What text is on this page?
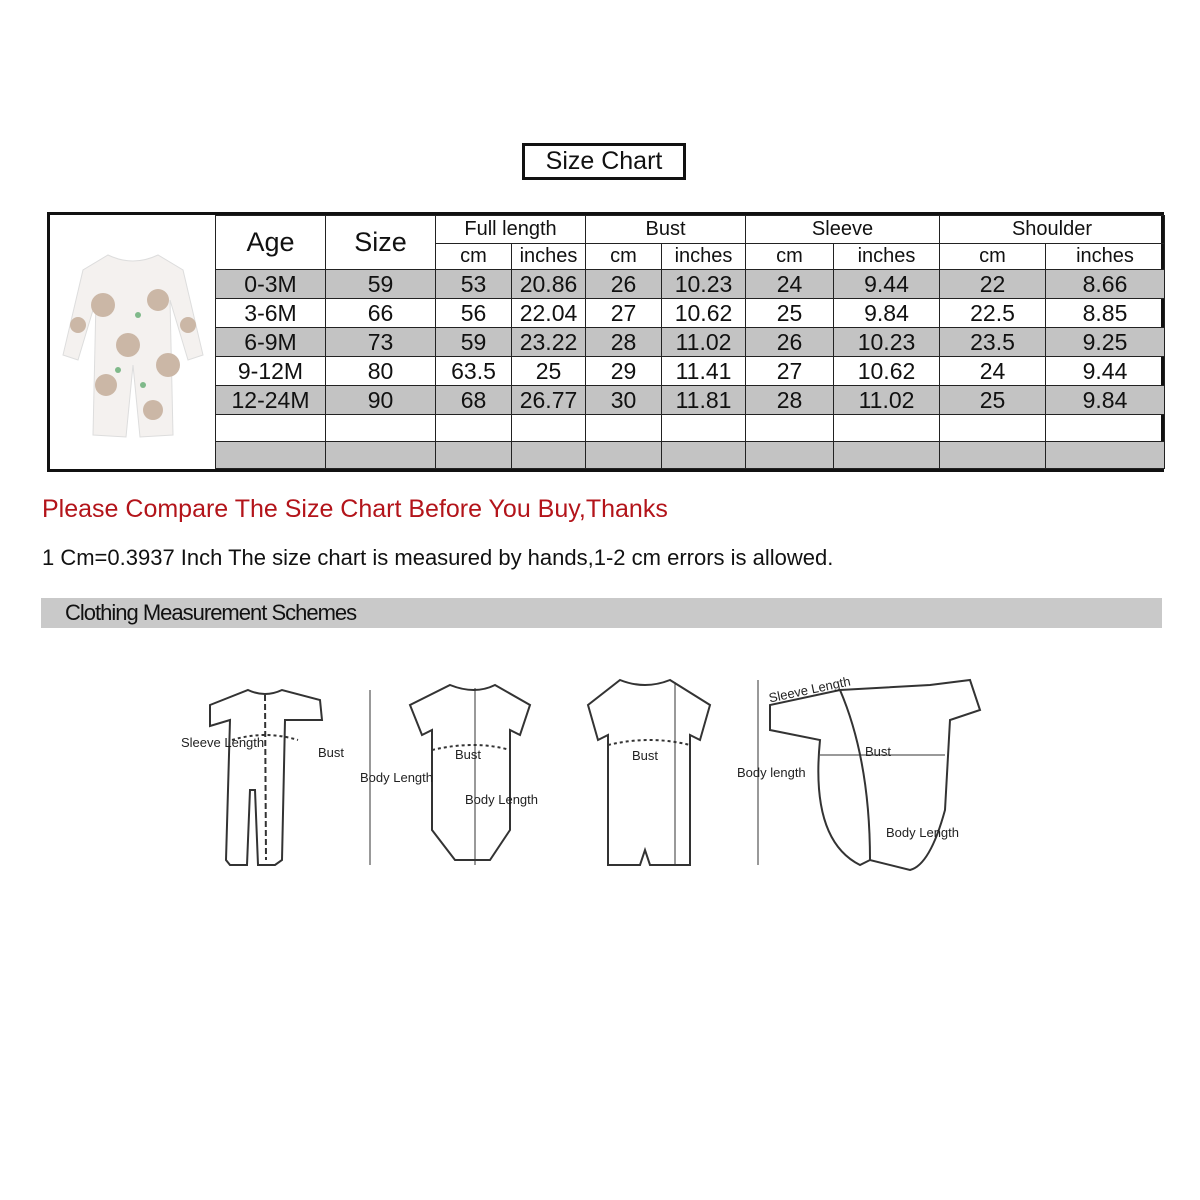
Size Chart
Age	Size	Full length		Bust		Sleeve		Shoulder	
		cm	inches	cm	inches	cm	inches	cm	inches
0-3M	59	53	20.86	26	10.23	24	9.44	22	8.66
3-6M	66	56	22.04	27	10.62	25	9.84	22.5	8.85
6-9M	73	59	23.22	28	11.02	26	10.23	23.5	9.25
9-12M	80	63.5	25	29	11.41	27	10.62	24	9.44
12-24M	90	68	26.77	30	11.81	28	11.02	25	9.84

Please Compare The Size Chart Before You Buy,Thanks
1 Cm=0.3937 Inch The size chart is measured by hands,1-2 cm errors is allowed.
Clothing Measurement Schemes
Sleeve Length
Bust
Body Length
Bust
Body Length
Bust
Body length
Sleeve Length
Bust
Body Length
